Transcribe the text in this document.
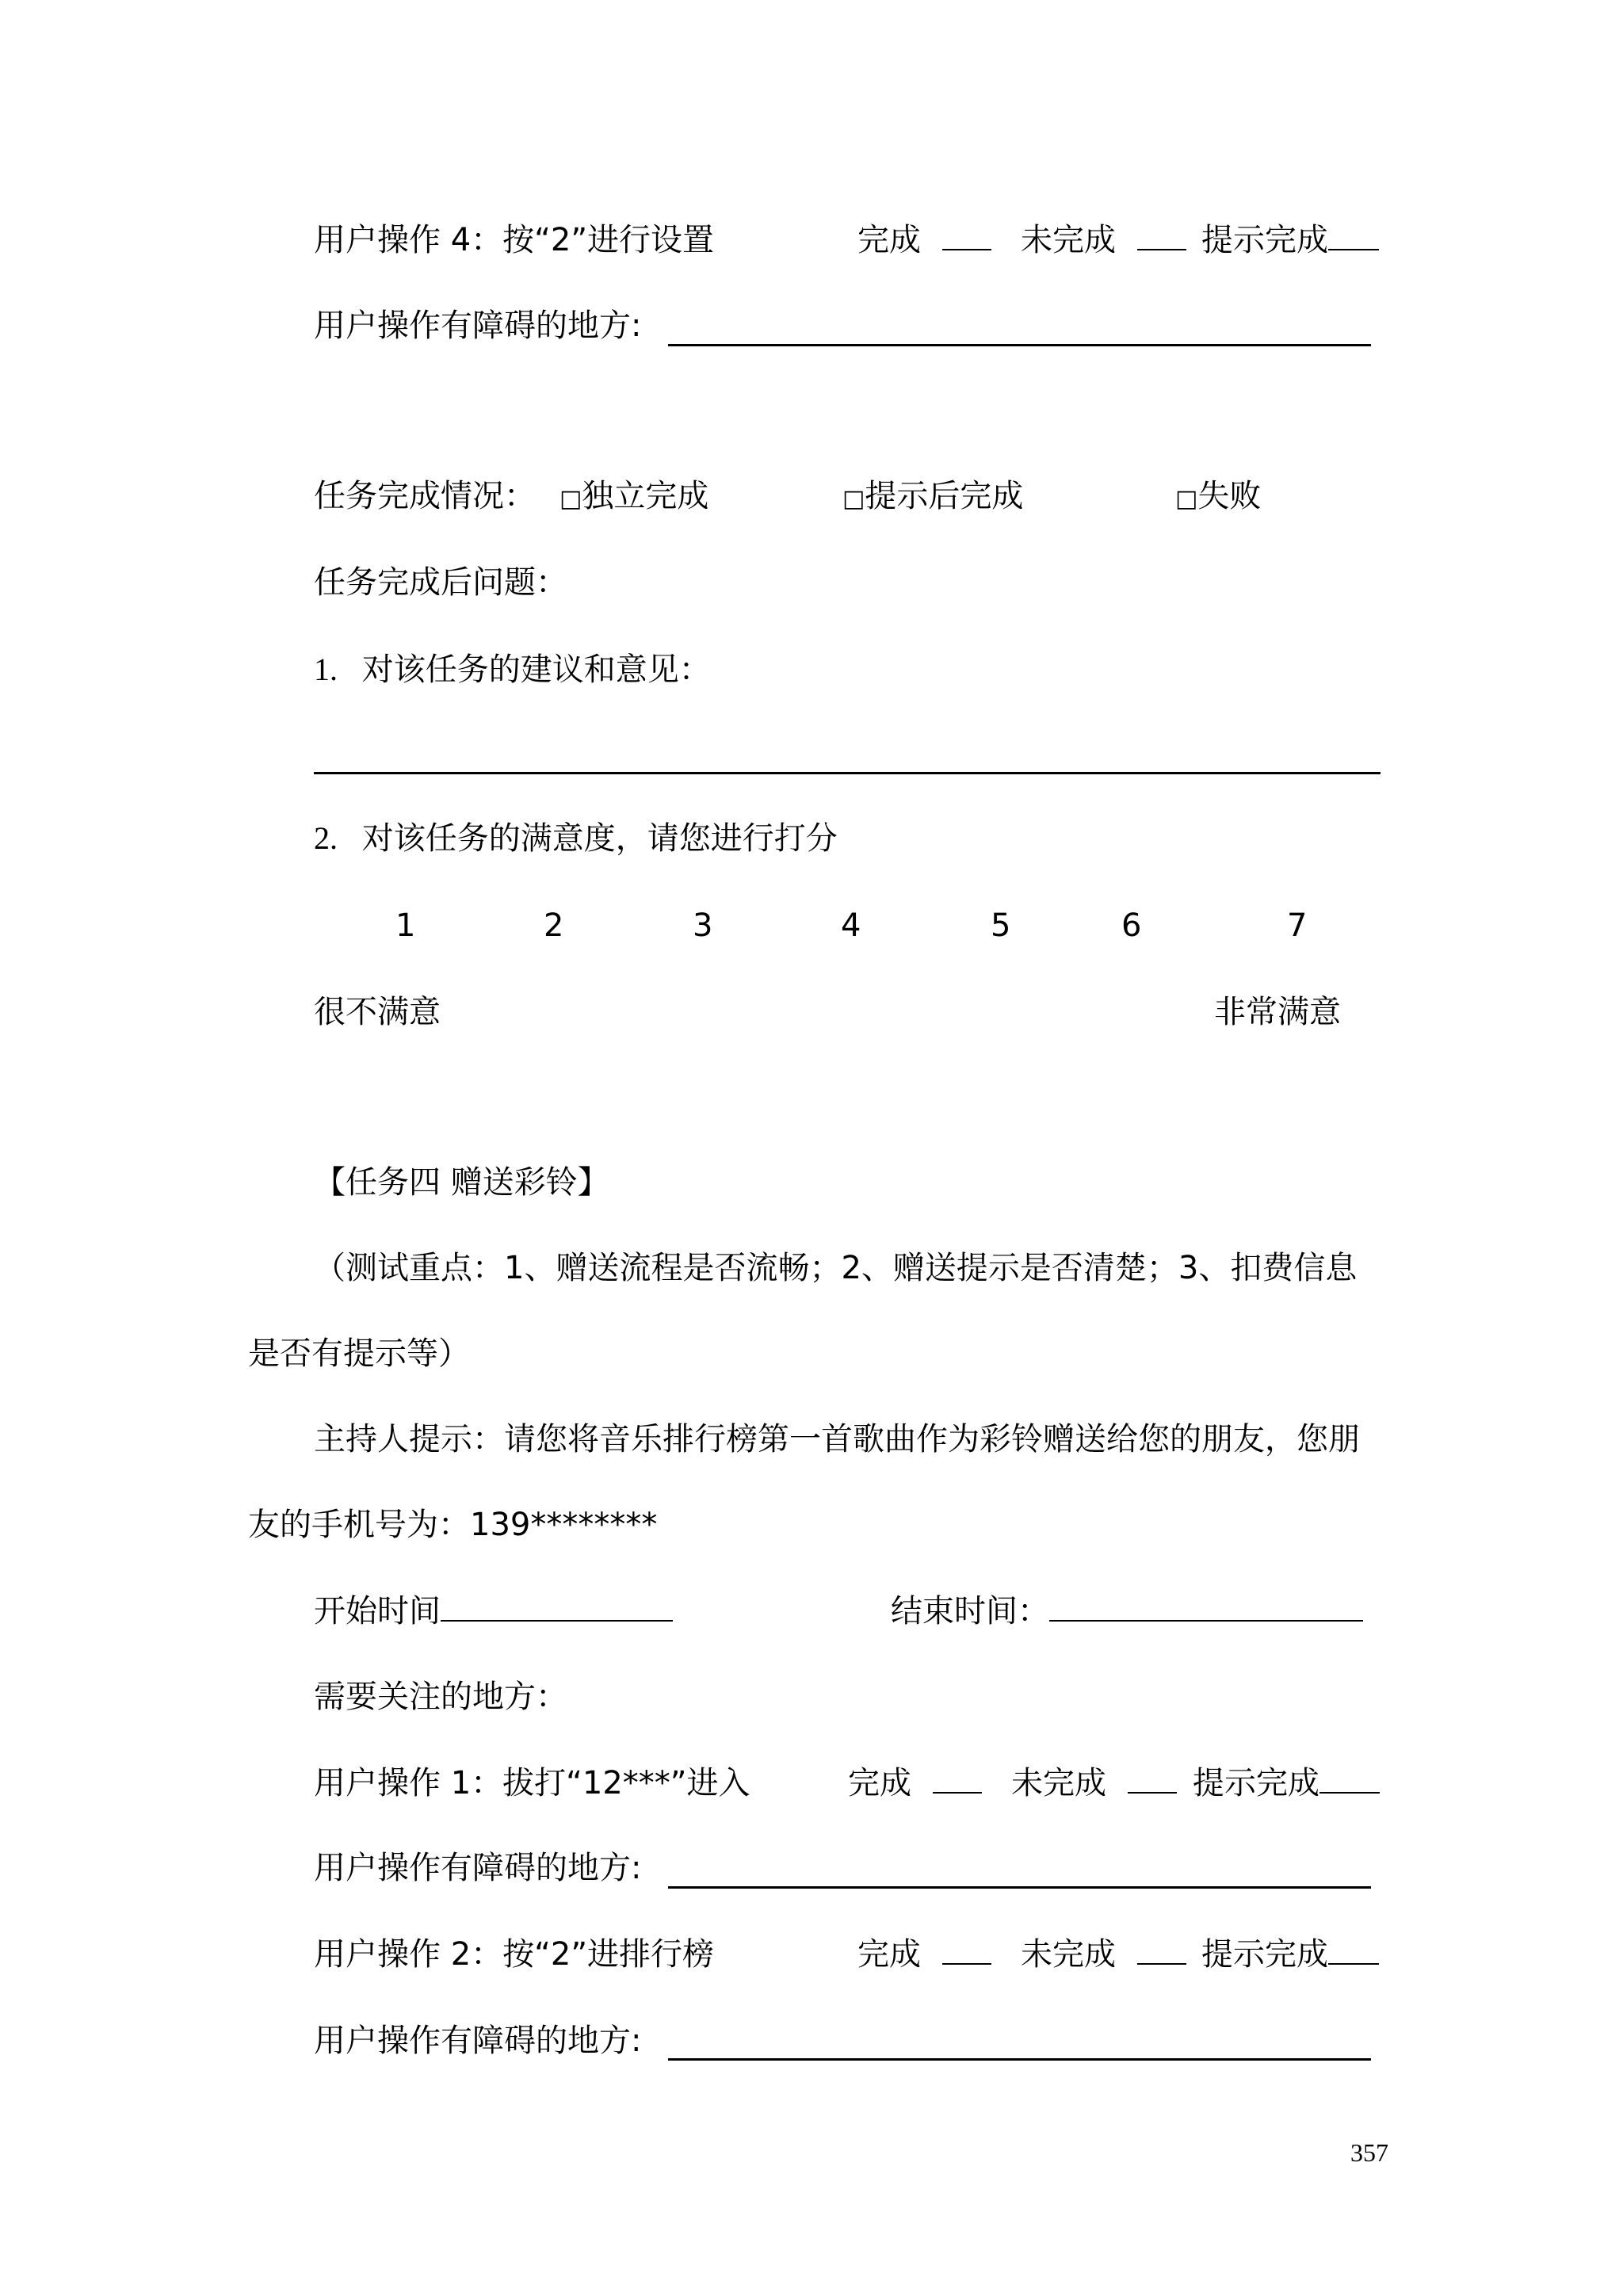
用户操作 4：按“2”进行设置	完成	未完成	提示完成
用户操作有障碍的地方:
任务完成情况： □独立完成	□提示后完成	□失败
任务完成后问题：
1. 对该任务的建议和意见：
2. 对该任务的满意度，请您进行打分
1	2	3	4	5	6	7
很不满意	非常满意
【任务四 赠送彩铃】
（测试重点：1、赠送流程是否流畅；2、赠送提示是否清楚；3、扣费信息
是否有提示等）
主持人提示：请您将音乐排行榜第一首歌曲作为彩铃赠送给您的朋友，您朋
友的手机号为：139********
开始时间	结束时间：
需要关注的地方：
用户操作 1：拔打“12***”进入	完成	未完成	提示完成
用户操作有障碍的地方:
用户操作 2：按“2”进排行榜	完成	未完成	提示完成
用户操作有障碍的地方:
357
